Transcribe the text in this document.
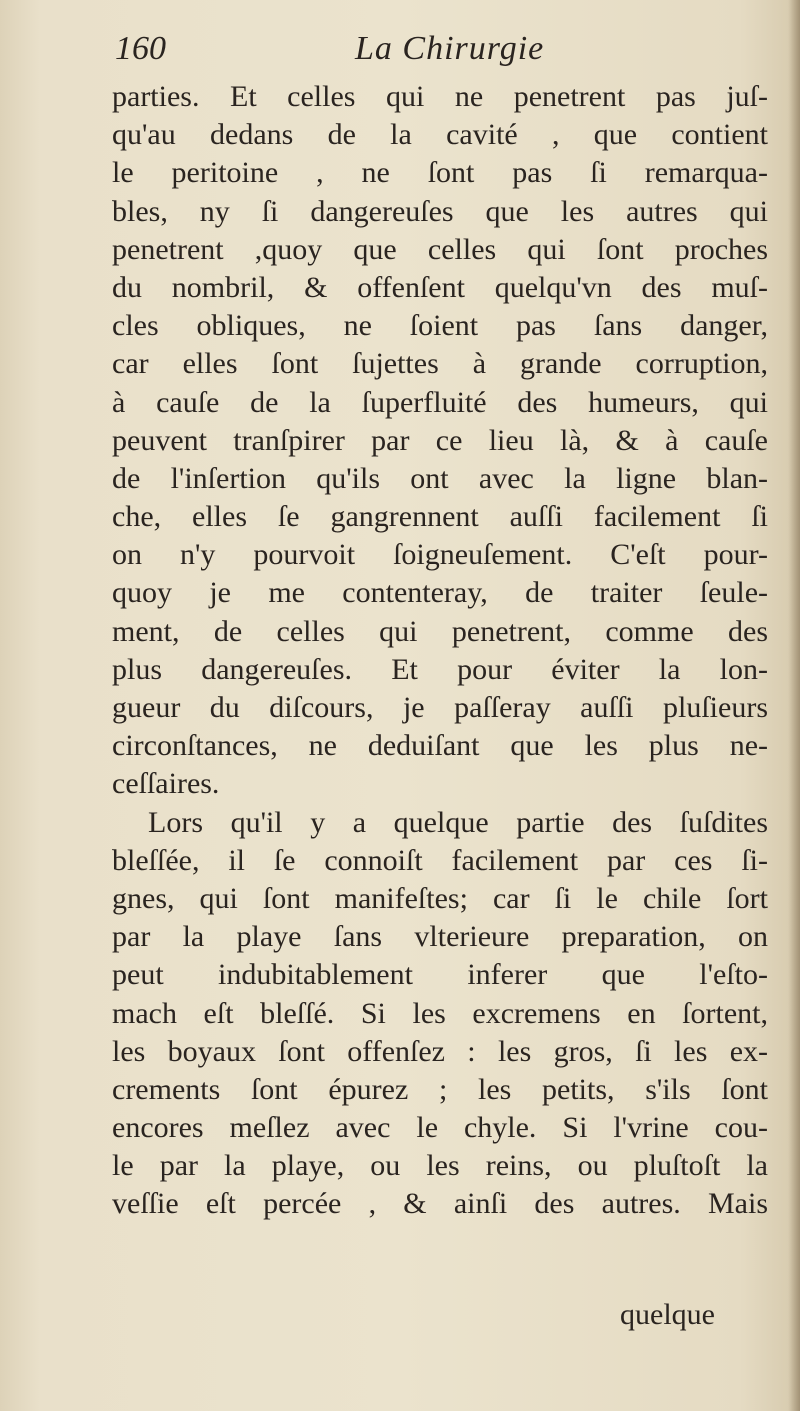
160	La Chirurgie
parties. Et celles qui ne penetrent pas juſ-
qu'au dedans de la cavité , que contient
le peritoine , ne ſont pas ſi remarqua-
bles, ny ſi dangereuſes que les autres qui
penetrent ,quoy que celles qui ſont proches
du nombril, & offenſent quelqu'vn des muſ-
cles obliques, ne ſoient pas ſans danger,
car elles ſont ſujettes à grande corruption,
à cauſe de la ſuperfluité des humeurs, qui
peuvent tranſpirer par ce lieu là, & à cauſe
de l'inſertion qu'ils ont avec la ligne blan-
che, elles ſe gangrennent auſſi facilement ſi
on n'y pourvoit ſoigneuſement. C'eſt pour-
quoy je me contenteray, de traiter ſeule-
ment, de celles qui penetrent, comme des
plus dangereuſes. Et pour éviter la lon-
gueur du diſcours, je paſſeray auſſi pluſieurs
circonſtances, ne deduiſant que les plus ne-
ceſſaires.
Lors qu'il y a quelque partie des ſuſdites
bleſſée, il ſe connoiſt facilement par ces ſi-
gnes, qui ſont manifeſtes; car ſi le chile ſort
par la playe ſans vlterieure preparation, on
peut indubitablement inferer que l'eſto-
mach eſt bleſſé. Si les excremens en ſortent,
les boyaux ſont offenſez : les gros, ſi les ex-
crements ſont épurez ; les petits, s'ils ſont
encores meſlez avec le chyle. Si l'vrine cou-
le par la playe, ou les reins, ou pluſtoſt la
veſſie eſt percée , & ainſi des autres. Mais
quelque
